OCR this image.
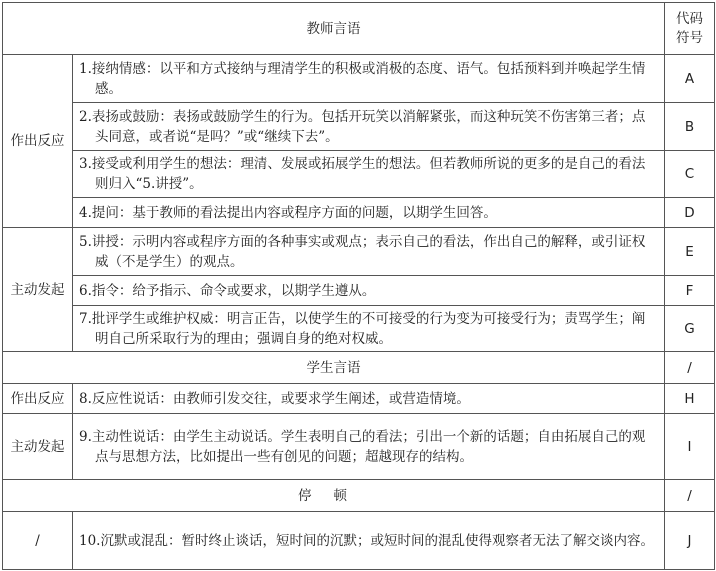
教师言语		代码
符号
作出反应	1.接纳情感：以平和方式接纳与理清学生的积极或消极的态度、语气。包括预料到并唤起学生情感。	A

	2.表扬或鼓励：表扬或鼓励学生的行为。包括开玩笑以消解紧张，而这种玩笑不伤害第三者；点头同意，或者说“是吗？”或“继续下去”。	B

	3.接受或利用学生的想法：理清、发展或拓展学生的想法。但若教师所说的更多的是自己的看法则归入“5.讲授”。	C

	4.提问：基于教师的看法提出内容或程序方面的问题，以期学生回答。	D
主动发起	5.讲授：示明内容或程序方面的各种事实或观点；表示自己的看法，作出自己的解释，或引证权威（不是学生）的观点。	E

	6.指令：给予指示、命令或要求，以期学生遵从。	F

	7.批评学生或维护权威：明言正告，以使学生的不可接受的行为变为可接受行为；责骂学生；阐明自己所采取行为的理由；强调自身的绝对权威。	G
学生言语		/
作出反应	8.反应性说话：由教师引发交往，或要求学生阐述，或营造情境。	H
主动发起	9.主动性说话：由学生主动说话。学生表明自己的看法；引出一个新的话题；自由拓展自己的观点与思想方法，比如提出一些有创见的问题；超越现存的结构。	I
停顿		/
/	10.沉默或混乱：暂时终止谈话，短时间的沉默；或短时间的混乱使得观察者无法了解交谈内容。	J
